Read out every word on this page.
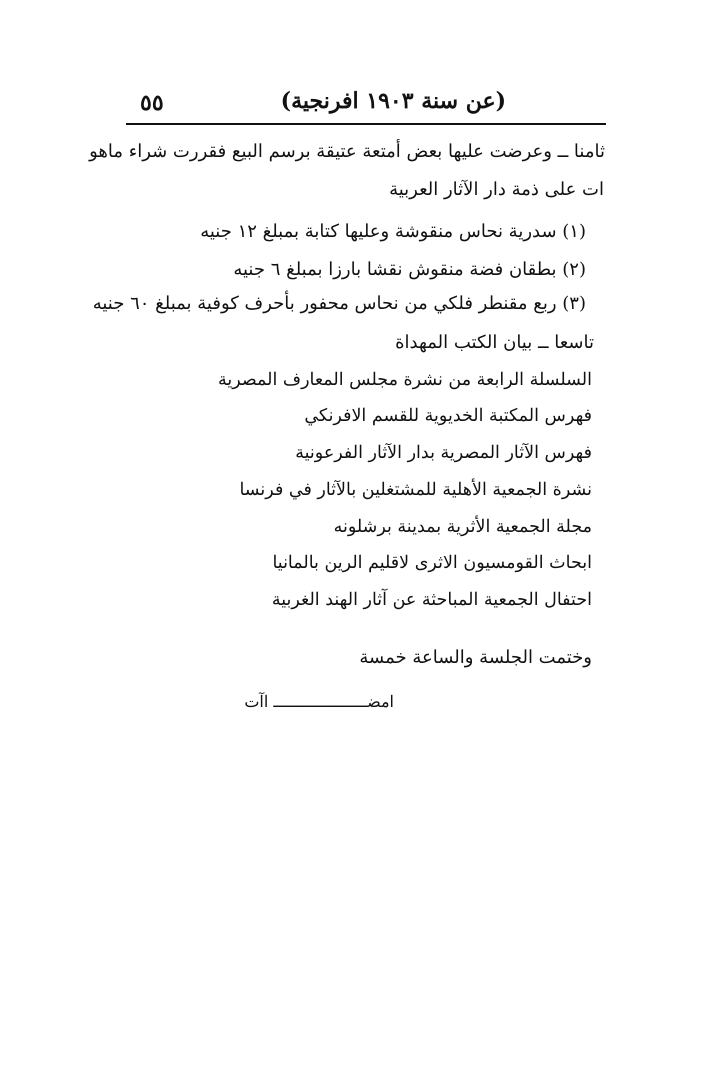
٥٥	(عن سنة ١٩٠٣ افرنجية)
ثامنا ــ وعرضت عليها بعض أمتعة عتيقة برسم البيع فقررت شراء ماهو
ات على ذمة دار الآثار العربية
(١) سدرية نحاس منقوشة وعليها كتابة بمبلغ ١٢ جنيه
(٢) بطقان فضة منقوش نقشا بارزا بمبلغ ٦ جنيه
(٣) ربع مقنطر فلكي من نحاس محفور بأحرف كوفية بمبلغ ٦٠ جنيه
تاسعا ــ بيان الكتب المهداة
السلسلة الرابعة من نشرة مجلس المعارف المصرية
فهرس المكتبة الخديوية للقسم الافرنكي
فهرس الآثار المصرية بدار الآثار الفرعونية
نشرة الجمعية الأهلية للمشتغلين بالآثار في فرنسا
مجلة الجمعية الأثرية بمدينة برشلونه
ابحاث القومسيون الاثرى لاقليم الرين بالمانيا
احتفال الجمعية المباحثة عن آثار الهند الغربية
وختمت الجلسة والساعة خمسة
امضــــــــــــــــــــ اآت
